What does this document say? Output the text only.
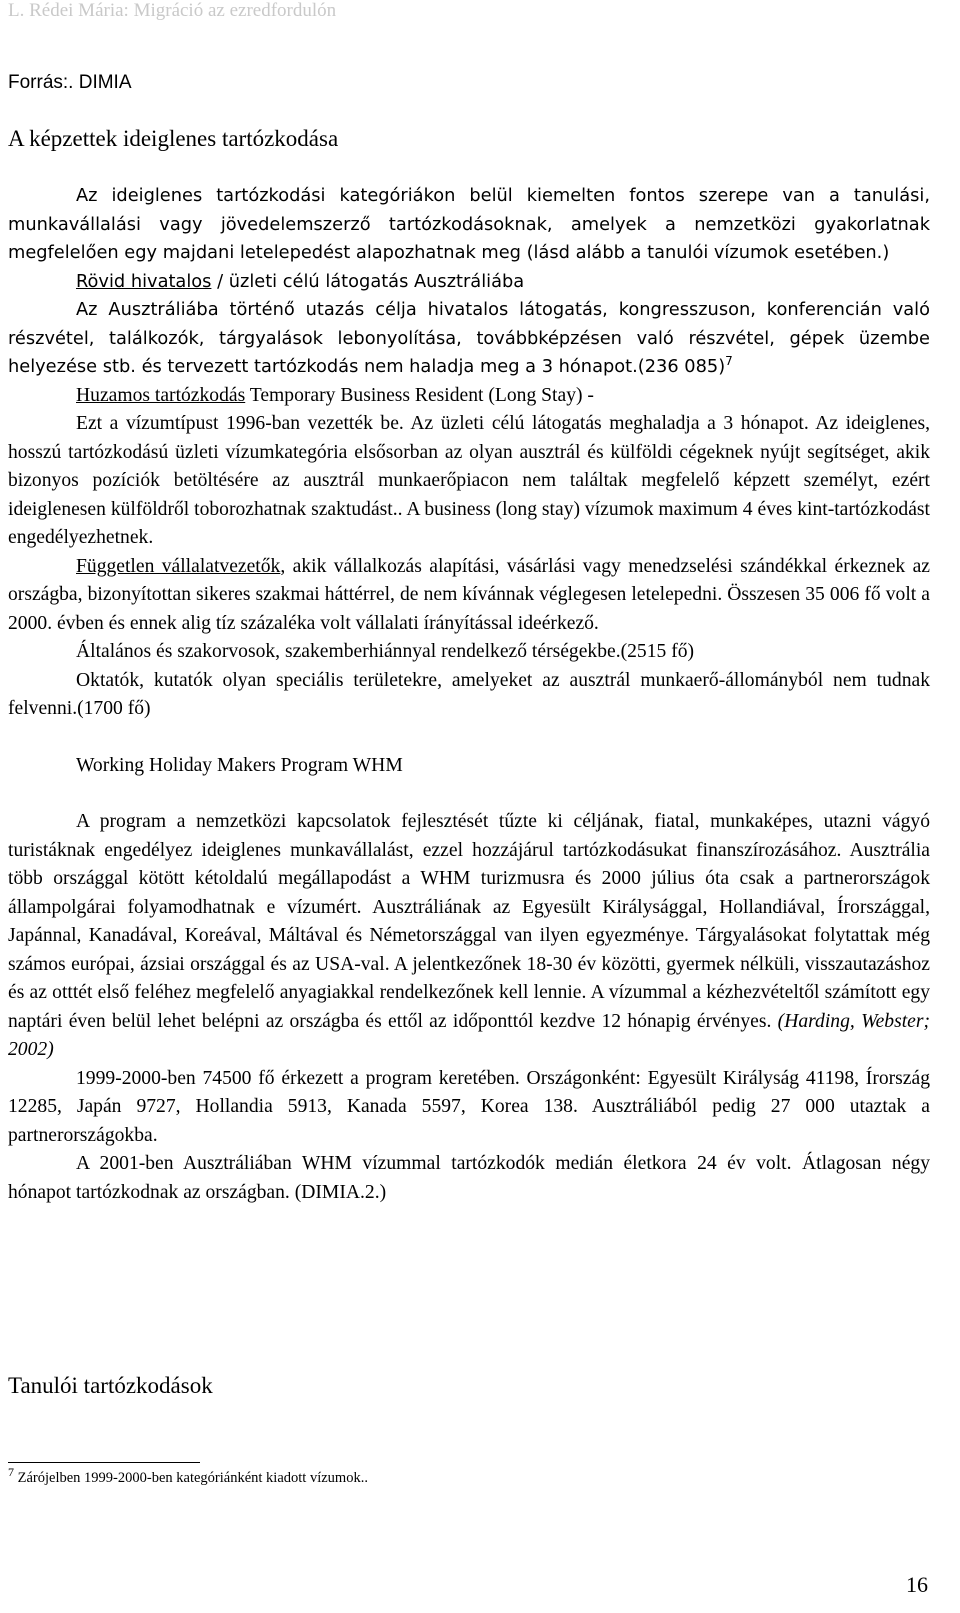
L. Rédei Mária: Migráció az ezredfordulón
Forrás:. DIMIA
A képzettek ideiglenes tartózkodása

Az ideiglenes tartózkodási kategóriákon belül kiemelten fontos szerepe van a tanulási, munkavállalási vagy jövedelemszerző tartózkodásoknak, amelyek a nemzetközi gyakorlatnak megfelelően egy majdani letelepedést alapozhatnak meg (lásd alább a tanulói vízumok esetében.)

Rövid hivatalos / üzleti célú látogatás Ausztráliába

Az Ausztráliába történő utazás célja hivatalos látogatás, kongresszuson, konferencián való részvétel, találkozók, tárgyalások lebonyolítása, továbbképzésen való részvétel, gépek üzembe helyezése stb. és tervezett tartózkodás nem haladja meg a 3 hónapot.(236 085)$^7$

Huzamos tartózkodás Temporary Business Resident (Long Stay) -

Ezt a vízumtípust 1996-ban vezették be. Az üzleti célú látogatás meghaladja a 3 hónapot. Az ideiglenes, hosszú tartózkodású üzleti vízumkategória elsősorban az olyan ausztrál és külföldi cégeknek nyújt segítséget, akik bizonyos pozíciók betöltésére az ausztrál munkaerőpiacon nem találtak megfelelő képzett személyt, ezért ideiglenesen külföldről toborozhatnak szaktudást.. A business (long stay) vízumok maximum 4 éves kint-tartózkodást engedélyezhetnek.

Független vállalatvezetők, akik vállalkozás alapítási, vásárlási vagy menedzselési szándékkal érkeznek az országba, bizonyítottan sikeres szakmai háttérrel, de nem kívánnak véglegesen letelepedni. Összesen 35 006 fő volt a 2000. évben és ennek alig tíz százaléka volt vállalati írányítással ideérkező.

Általános és szakorvosok, szakemberhiánnyal rendelkező térségekbe.(2515 fő)

Oktatók, kutatók olyan speciális területekre, amelyeket az ausztrál munkaerő-állományból nem tudnak felvenni.(1700 fő)

Working Holiday Makers Program WHM

A program a nemzetközi kapcsolatok fejlesztését tűzte ki céljának, fiatal, munkaképes, utazni vágyó turistáknak engedélyez ideiglenes munkavállalást, ezzel hozzájárul tartózkodásukat finanszírozásához. Ausztrália több országgal kötött kétoldalú megállapodást a WHM turizmusra és 2000 július óta csak a partnerországok állampolgárai folyamodhatnak e vízumért. Ausztráliának az Egyesült Királysággal, Hollandiával, Írországgal, Japánnal, Kanadával, Koreával, Máltával és Németországgal van ilyen egyezménye. Tárgyalásokat folytattak még számos európai, ázsiai országgal és az USA-val. A jelentkezőnek 18-30 év közötti, gyermek nélküli, visszautazáshoz és az otttét első feléhez megfelelő anyagiakkal rendelkezőnek kell lennie. A vízummal a kézhezvételtől számított egy naptári éven belül lehet belépni az országba és ettől az időponttól kezdve 12 hónapig érvényes. (Harding, Webster; 2002)

1999-2000-ben 74500 fő érkezett a program keretében. Országonként: Egyesült Királyság 41198, Írország 12285, Japán 9727, Hollandia 5913, Kanada 5597, Korea 138. Ausztráliából pedig 27 000 utaztak a partnerországokba.

A 2001-ben Ausztráliában WHM vízummal tartózkodók medián életkora 24 év volt. Átlagosan négy hónapot tartózkodnak az országban. (DIMIA.2.)

Tanulói tartózkodások
$^7$ Zárójelben 1999-2000-ben kategóriánként kiadott vízumok..
16
